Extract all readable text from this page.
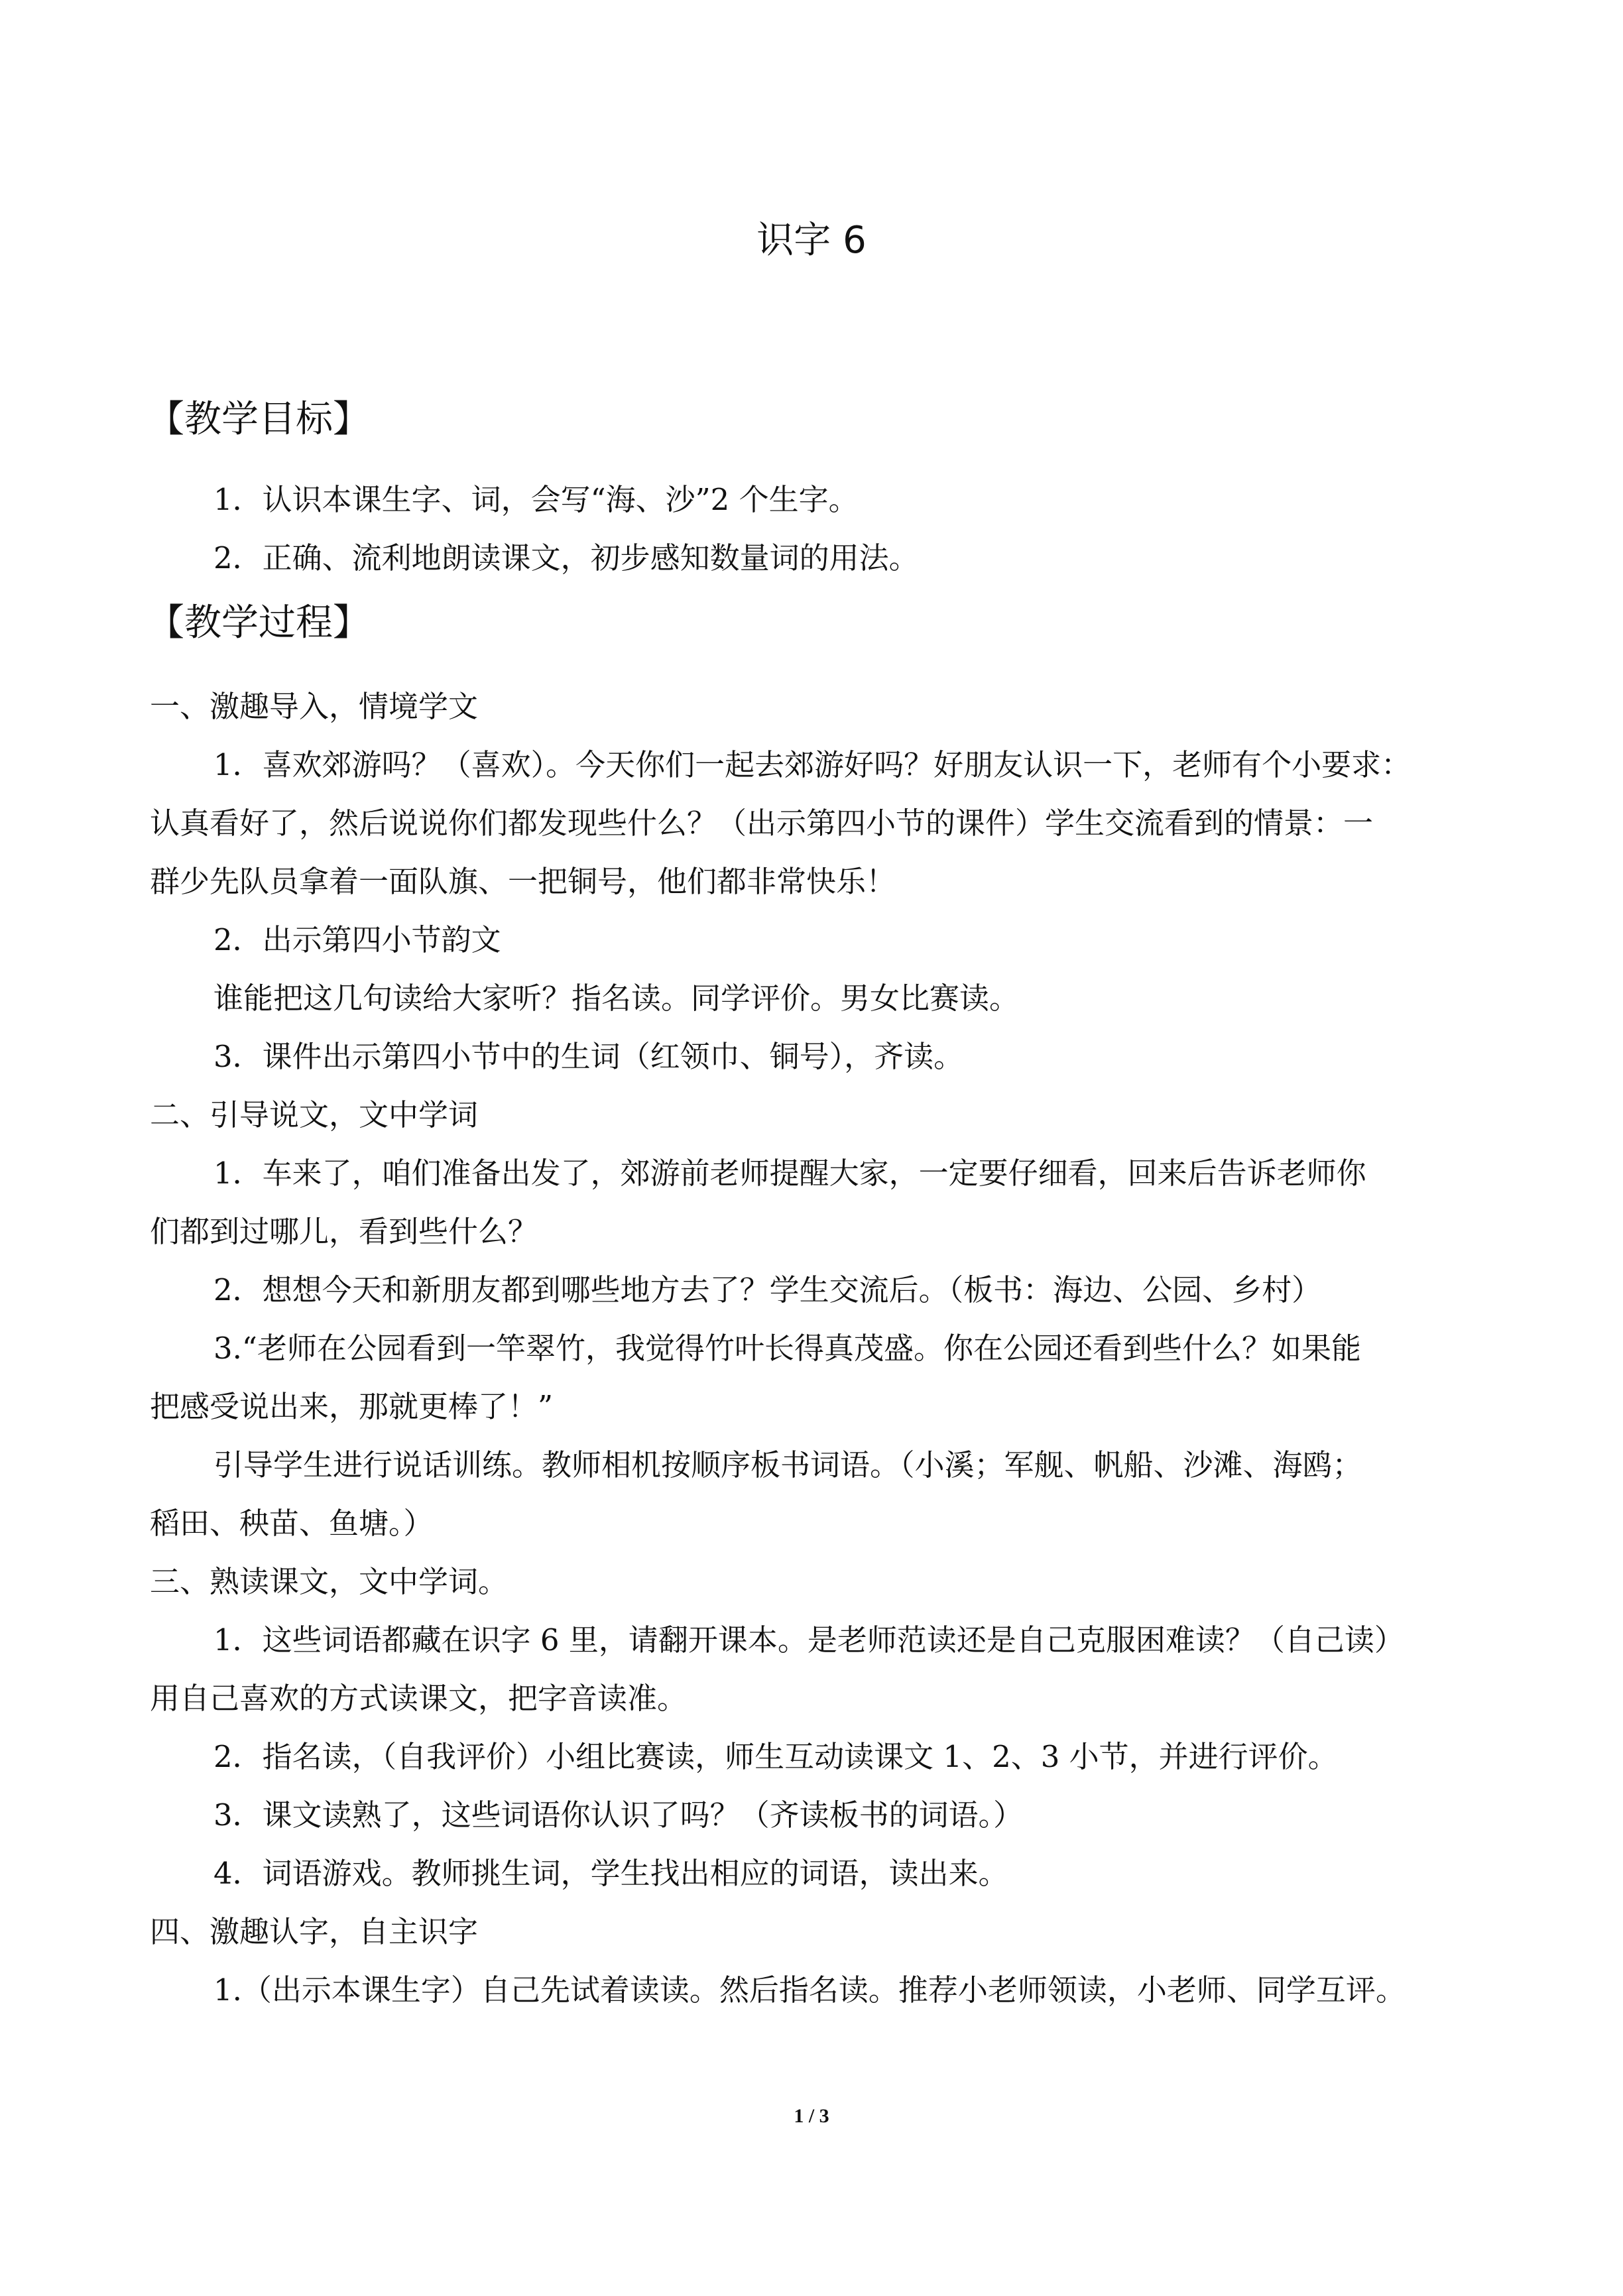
识字 6
【教学目标】
1．认识本课生字、词，会写“海、沙”2 个生字。
2．正确、流利地朗读课文，初步感知数量词的用法。
【教学过程】
一、激趣导入，情境学文
1．喜欢郊游吗？（喜欢）。今天你们一起去郊游好吗？好朋友认识一下，老师有个小要求：
认真看好了，然后说说你们都发现些什么？（出示第四小节的课件）学生交流看到的情景：一
群少先队员拿着一面队旗、一把铜号，他们都非常快乐！
2．出示第四小节韵文
谁能把这几句读给大家听？指名读。同学评价。男女比赛读。
3．课件出示第四小节中的生词（红领巾、铜号），齐读。
二、引导说文，文中学词
1．车来了，咱们准备出发了，郊游前老师提醒大家，一定要仔细看，回来后告诉老师你
们都到过哪儿，看到些什么？
2．想想今天和新朋友都到哪些地方去了？学生交流后。（板书：海边、公园、乡村）
3.“老师在公园看到一竿翠竹，我觉得竹叶长得真茂盛。你在公园还看到些什么？如果能
把感受说出来，那就更棒了！”
引导学生进行说话训练。教师相机按顺序板书词语。（小溪；军舰、帆船、沙滩、海鸥；
稻田、秧苗、鱼塘。）
三、熟读课文，文中学词。
1．这些词语都藏在识字 6 里，请翻开课本。是老师范读还是自己克服困难读？（自己读）
用自己喜欢的方式读课文，把字音读准。
2．指名读，（自我评价）小组比赛读，师生互动读课文 1、2、3 小节，并进行评价。
3．课文读熟了，这些词语你认识了吗？（齐读板书的词语。）
4．词语游戏。教师挑生词，学生找出相应的词语，读出来。
四、激趣认字，自主识字
1.（出示本课生字）自己先试着读读。然后指名读。推荐小老师领读，小老师、同学互评。
1 / 3
